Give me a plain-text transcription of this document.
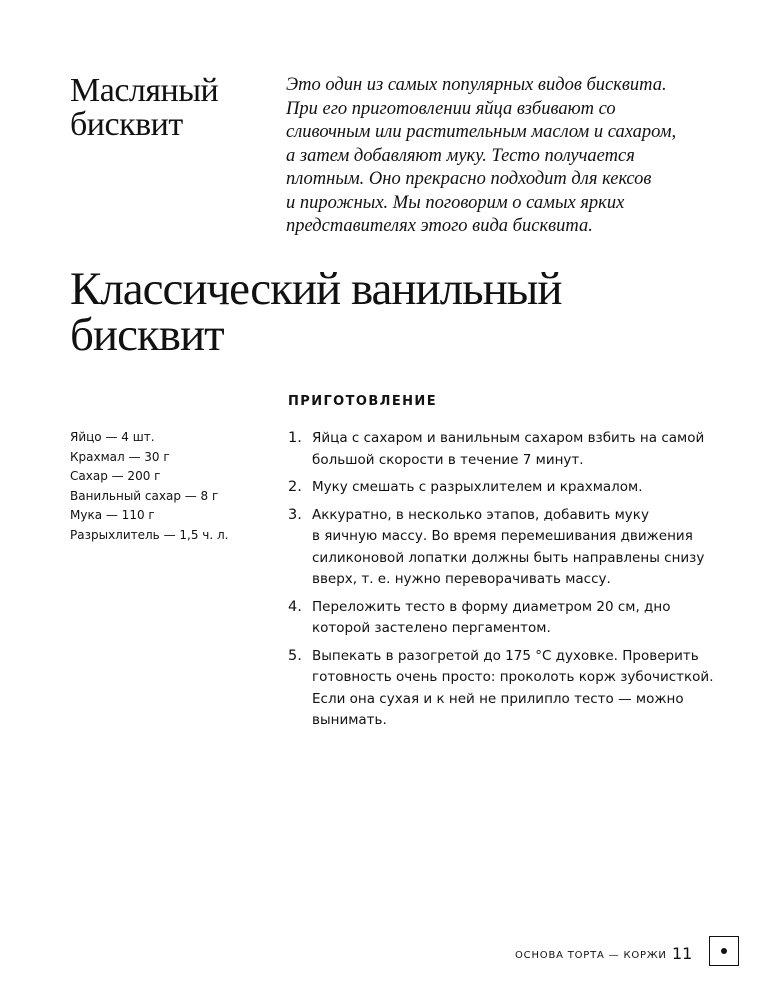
Масляный бисквит

Это один из самых популярных видов бисквита.
При его приготовлении яйца взбивают со
сливочным или растительным маслом и сахаром,
а затем добавляют муку. Тесто получается
плотным. Оно прекрасно подходит для кексов
и пирожных. Мы поговорим о самых ярких
представителях этого вида бисквита.

Классический ванильный
бисквит
ПРИГОТОВЛЕНИЕ
Яйцо — 4 шт.
Крахмал — 30 г
Сахар — 200 г
Ванильный сахар — 8 г
Мука — 110 г
Разрыхлитель — 1,5 ч. л.
1. Яйца с сахаром и ванильным сахаром взбить на самой
большой скорости в течение 7 минут.
2. Муку смешать с разрыхлителем и крахмалом.
3. Аккуратно, в несколько этапов, добавить муку
в яичную массу. Во время перемешивания движения
силиконовой лопатки должны быть направлены снизу
вверх, т. е. нужно переворачивать массу.
4. Переложить тесто в форму диаметром 20 см, дно
которой застелено пергаментом.
5. Выпекать в разогретой до 175 °С духовке. Проверить
готовность очень просто: проколоть корж зубочисткой.
Если она сухая и к ней не прилипло тесто — можно
вынимать.
ОСНОВА ТОРТА — КОРЖИ 11
